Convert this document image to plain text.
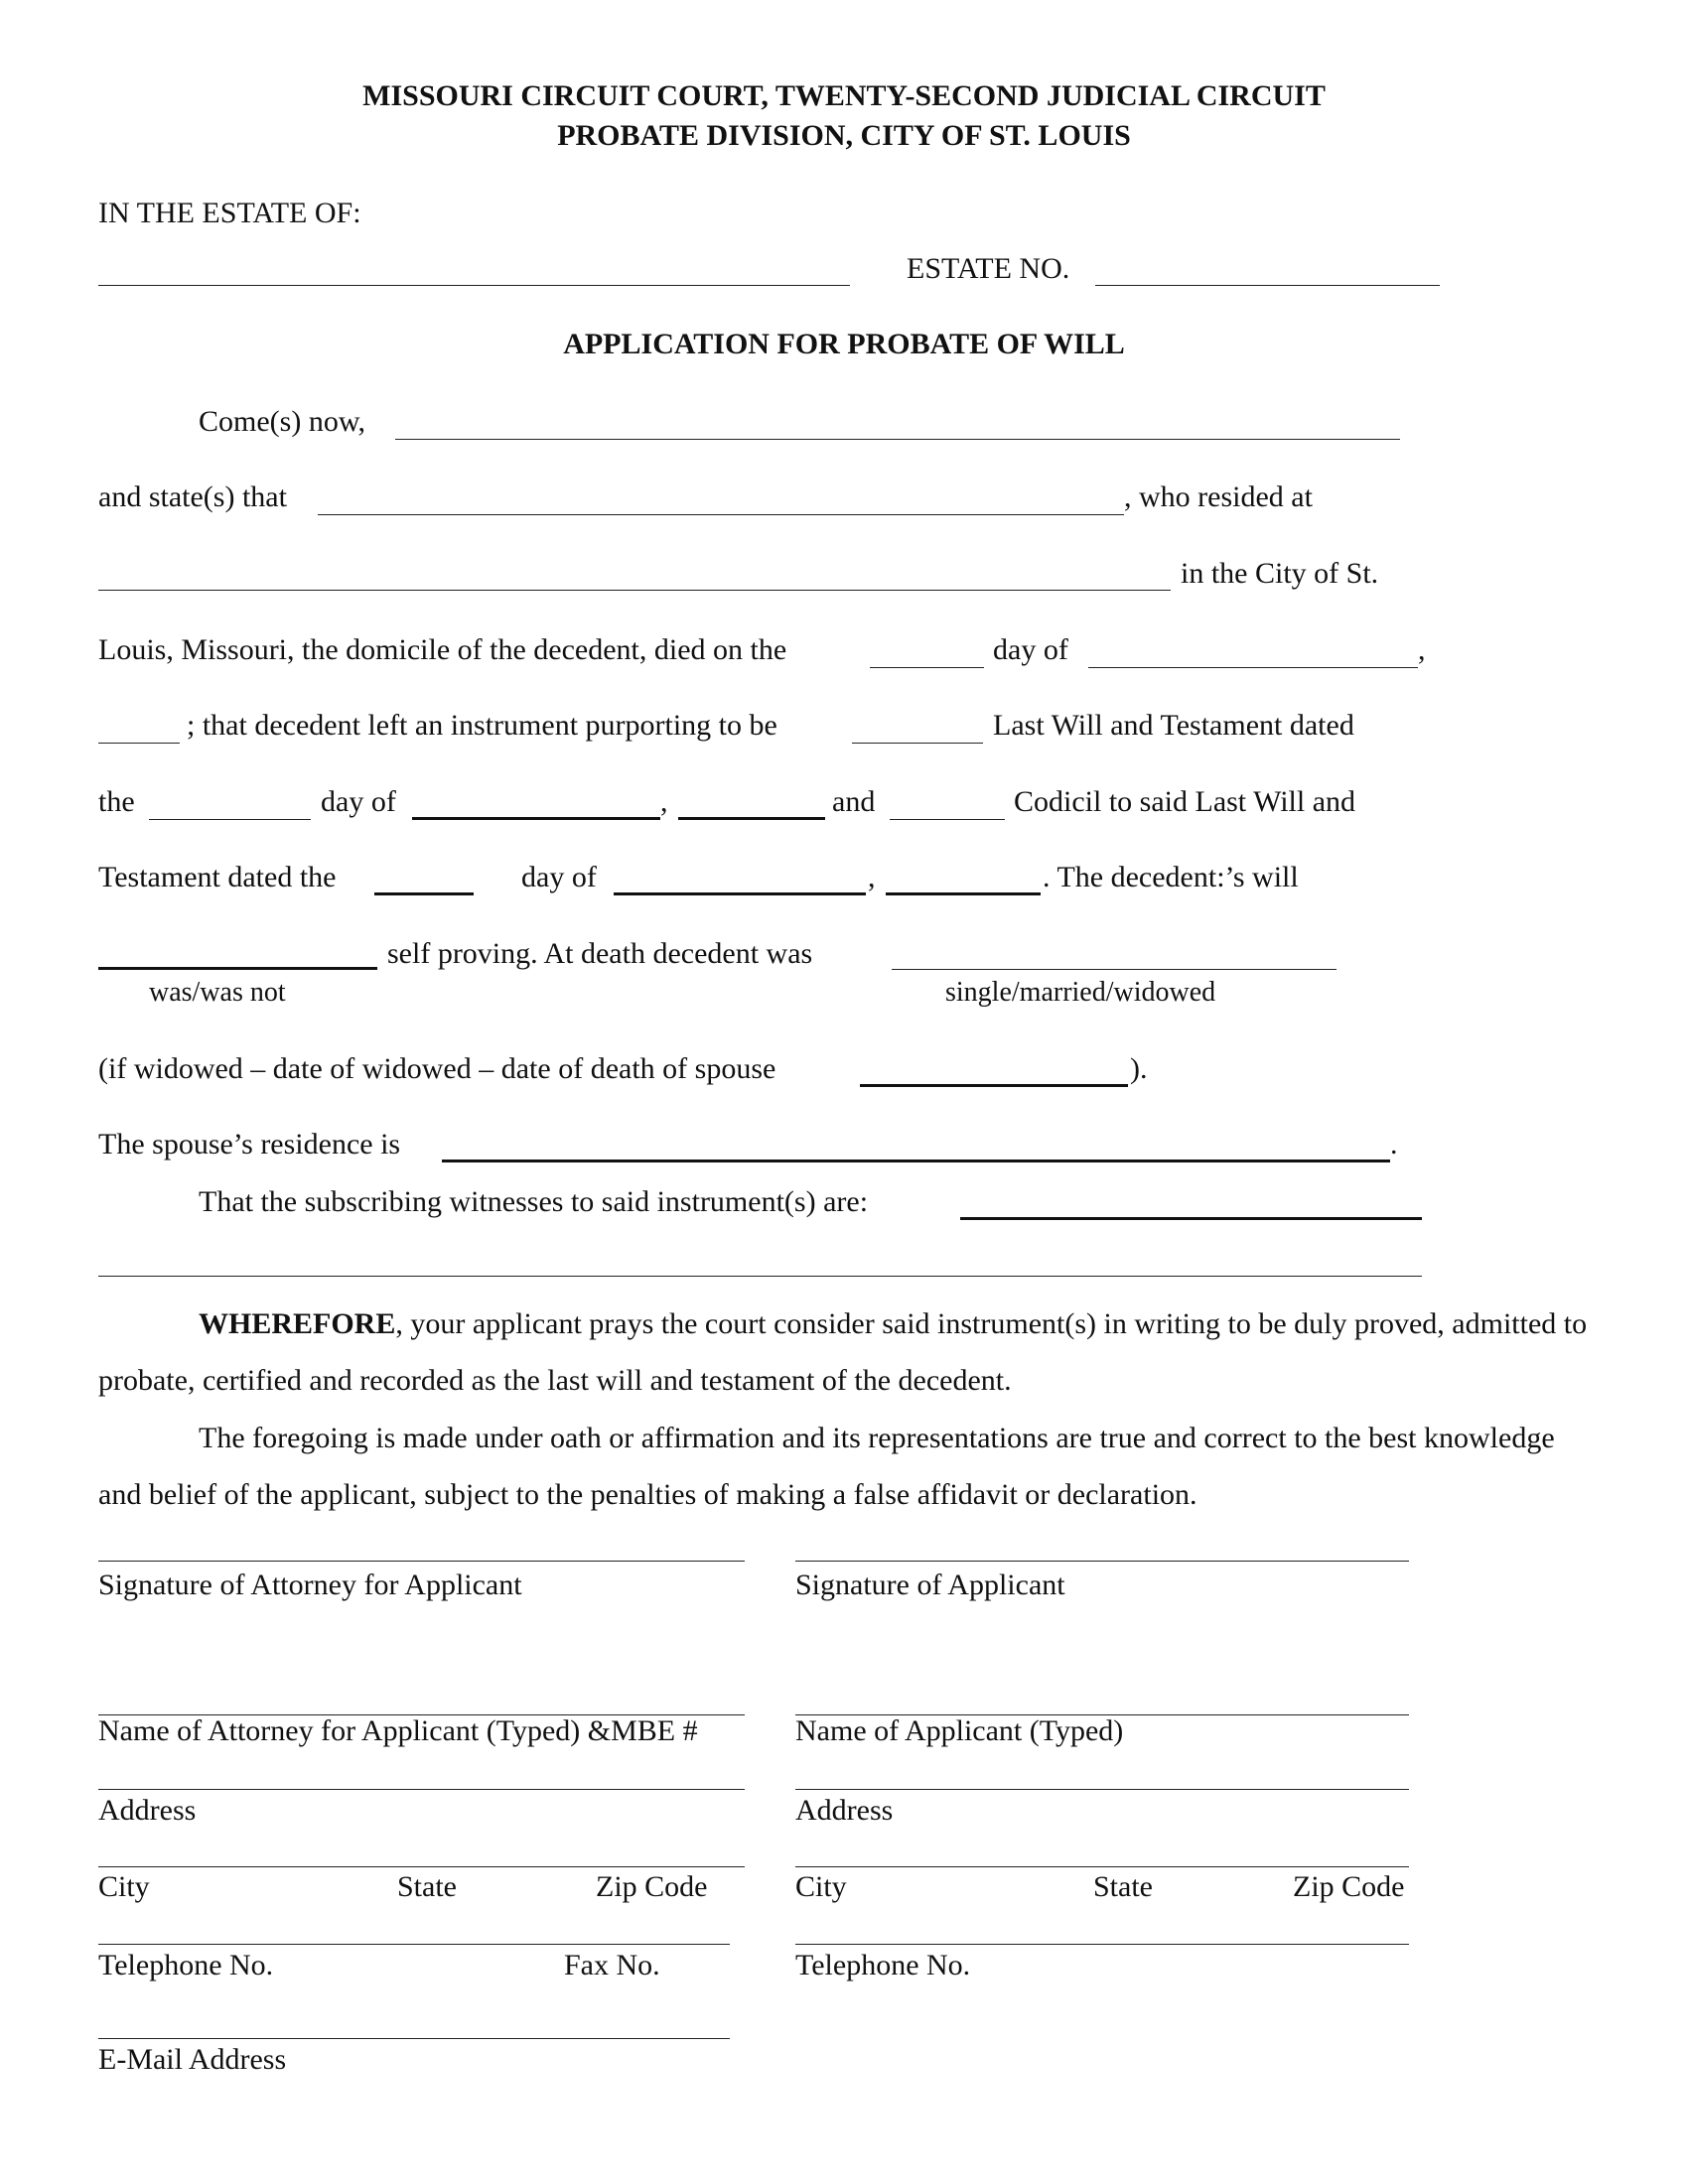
MISSOURI CIRCUIT COURT, TWENTY-SECOND JUDICIAL CIRCUIT
PROBATE DIVISION, CITY OF ST. LOUIS
IN THE ESTATE OF:
ESTATE NO.
APPLICATION FOR PROBATE OF WILL
Come(s) now,
and state(s) that	, who resided at
in the City of St.
Louis, Missouri, the domicile of the decedent, died on the	day of	,
; that decedent left an instrument purporting to be	Last Will and Testament dated
the	day of	,	and	Codicil to said Last Will and
Testament dated the	day of	,	. The decedent:’s will
self proving. At death decedent was
was/was not	single/married/widowed
(if widowed – date of widowed – date of death of spouse	).
The spouse’s residence is	.
That the subscribing witnesses to said instrument(s) are:
WHEREFORE, your applicant prays the court consider said instrument(s) in writing to be duly proved, admitted to probate, certified and recorded as the last will and testament of the decedent.
The foregoing is made under oath or affirmation and its representations are true and correct to the best knowledge and belief of the applicant, subject to the penalties of making a false affidavit or declaration.
Signature of Attorney for Applicant
Name of Attorney for Applicant (Typed) &MBE #
Address
City	State	Zip Code
Telephone No.	Fax No.
E-Mail Address
Signature of Applicant
Name of Applicant (Typed)
Address
City	State	Zip Code
Telephone No.
